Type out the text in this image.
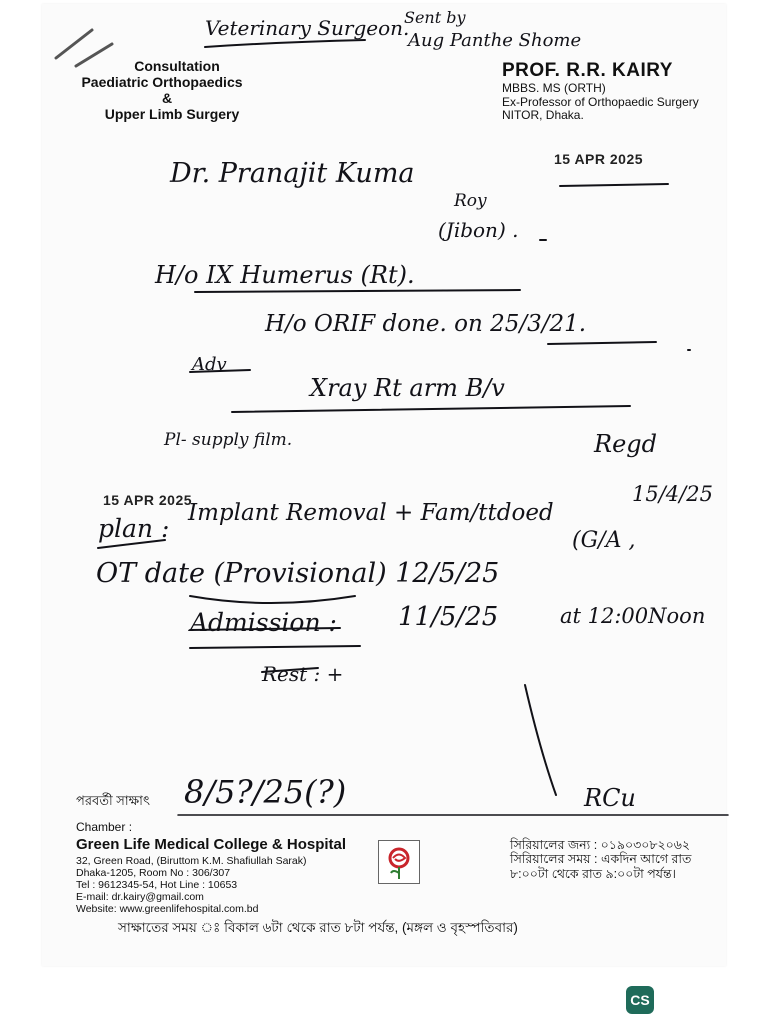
Veterinary Surgeon.
Sent by
Aug Panthe Shome
Consultation
Paediatric Orthopaedics
&
Upper Limb Surgery
PROF. R.R. KAIRY
MBBS. MS (ORTH)
Ex-Professor of Orthopaedic Surgery
NITOR, Dhaka.
15 APR 2025
15 APR 2025
Dr. Pranajit Kuma
Roy
(Jibon) .
H/o IX Humerus (Rt).
H/o ORIF done. on 25/3/21.
Adv
Xray Rt arm B/v
Pl- supply film.	Regd
15/4/25
plan :
Implant Removal + Fam/ttdoed
(G/A ,
OT date (Provisional) 12/5/25
Admission : 11/5/25	at 12:00Noon
Rest : +
পরবর্তী সাক্ষাৎ 8/5?/25(?)	RCu
Chamber :
Green Life Medical College & Hospital
32, Green Road, (Biruttom K.M. Shafiullah Sarak)
Dhaka-1205, Room No : 306/307
Tel : 9612345-54, Hot Line : 10653
E-mail: dr.kairy@gmail.com
Website: www.greenlifehospital.com.bd
সিরিয়ালের জন্য : ০১৯০৩০৮২০৬২
সিরিয়ালের সময় : একদিন আগে রাত
৮:০০টা থেকে রাত ৯:০০টা পর্যন্ত।
সাক্ষাতের সময় ঃ বিকাল ৬টা থেকে রাত ৮টা পর্যন্ত, (মঙ্গল ও বৃহস্পতিবার)
CS
